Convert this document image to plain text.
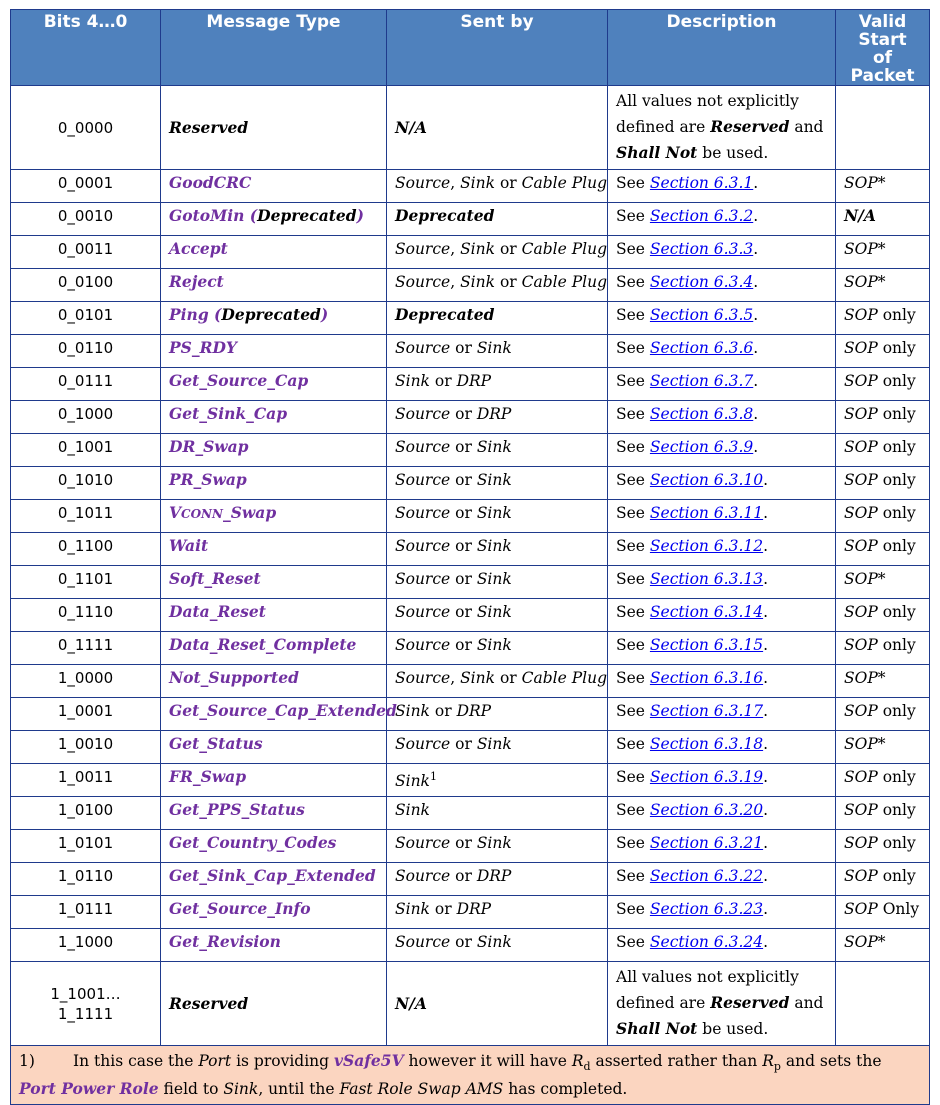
Bits 4…0	Message Type	Sent by	Description	Valid Start of Packet
0_0000	Reserved	N/A	All values not explicitly defined are Reserved and Shall Not be used.	
0_0001	GoodCRC	Source, Sink or Cable Plug	See Section 6.3.1.	SOP*
0_0010	GotoMin (Deprecated)	Deprecated	See Section 6.3.2.	N/A
0_0011	Accept	Source, Sink or Cable Plug	See Section 6.3.3.	SOP*
0_0100	Reject	Source, Sink or Cable Plug	See Section 6.3.4.	SOP*
0_0101	Ping (Deprecated)	Deprecated	See Section 6.3.5.	SOP only
0_0110	PS_RDY	Source or Sink	See Section 6.3.6.	SOP only
0_0111	Get_Source_Cap	Sink or DRP	See Section 6.3.7.	SOP only
0_1000	Get_Sink_Cap	Source or DRP	See Section 6.3.8.	SOP only
0_1001	DR_Swap	Source or Sink	See Section 6.3.9.	SOP only
0_1010	PR_Swap	Source or Sink	See Section 6.3.10.	SOP only
0_1011	VCONN_Swap	Source or Sink	See Section 6.3.11.	SOP only
0_1100	Wait	Source or Sink	See Section 6.3.12.	SOP only
0_1101	Soft_Reset	Source or Sink	See Section 6.3.13.	SOP*
0_1110	Data_Reset	Source or Sink	See Section 6.3.14.	SOP only
0_1111	Data_Reset_Complete	Source or Sink	See Section 6.3.15.	SOP only
1_0000	Not_Supported	Source, Sink or Cable Plug	See Section 6.3.16.	SOP*
1_0001	Get_Source_Cap_Extended	Sink or DRP	See Section 6.3.17.	SOP only
1_0010	Get_Status	Source or Sink	See Section 6.3.18.	SOP*
1_0011	FR_Swap	Sink$^1$	See Section 6.3.19.	SOP only
1_0100	Get_PPS_Status	Sink	See Section 6.3.20.	SOP only
1_0101	Get_Country_Codes	Source or Sink	See Section 6.3.21.	SOP only
1_0110	Get_Sink_Cap_Extended	Source or DRP	See Section 6.3.22.	SOP only
1_0111	Get_Source_Info	Sink or DRP	See Section 6.3.23.	SOP Only
1_1000	Get_Revision	Source or Sink	See Section 6.3.24.	SOP*
1_1001…
1_1111	Reserved	N/A	All values not explicitly defined are Reserved and Shall Not be used.	
1) In this case the Port is providing vSafe5V however it will have $R_d$ asserted rather than $R_p$ and sets the Port Power Role field to Sink, until the Fast Role Swap AMS has completed.				
